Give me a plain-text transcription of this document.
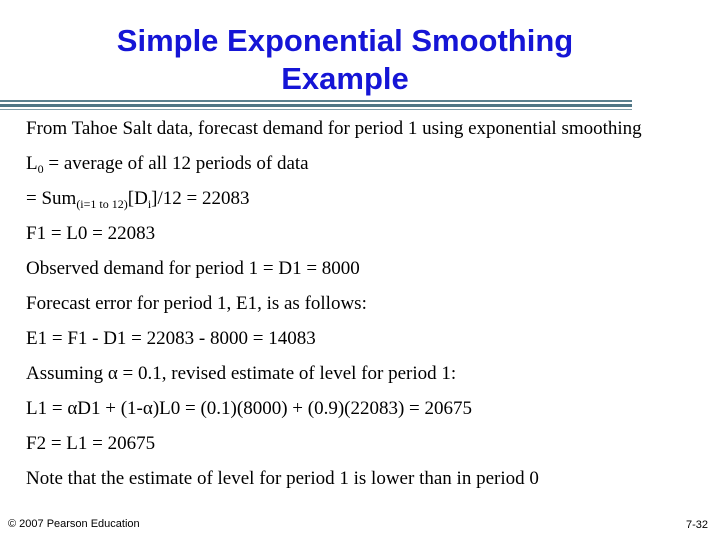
Simple Exponential Smoothing
Example

From Tahoe Salt data, forecast demand for period 1 using exponential smoothing

$L_0$ = average of all 12 periods of data

= $Sum_{(i=1 to 12)}[D_i]/12 = 22083$

F1 = L0 = 22083

Observed demand for period 1 = D1 = 8000

Forecast error for period 1, E1, is as follows:

E1 = F1 - D1 = 22083 - 8000 = 14083

Assuming α = 0.1, revised estimate of level for period 1:

L1 = αD1 + (1-α)L0 = (0.1)(8000) + (0.9)(22083) = 20675

F2 = L1 = 20675

Note that the estimate of level for period 1 is lower than in period 0

© 2007 Pearson Education	7-32
